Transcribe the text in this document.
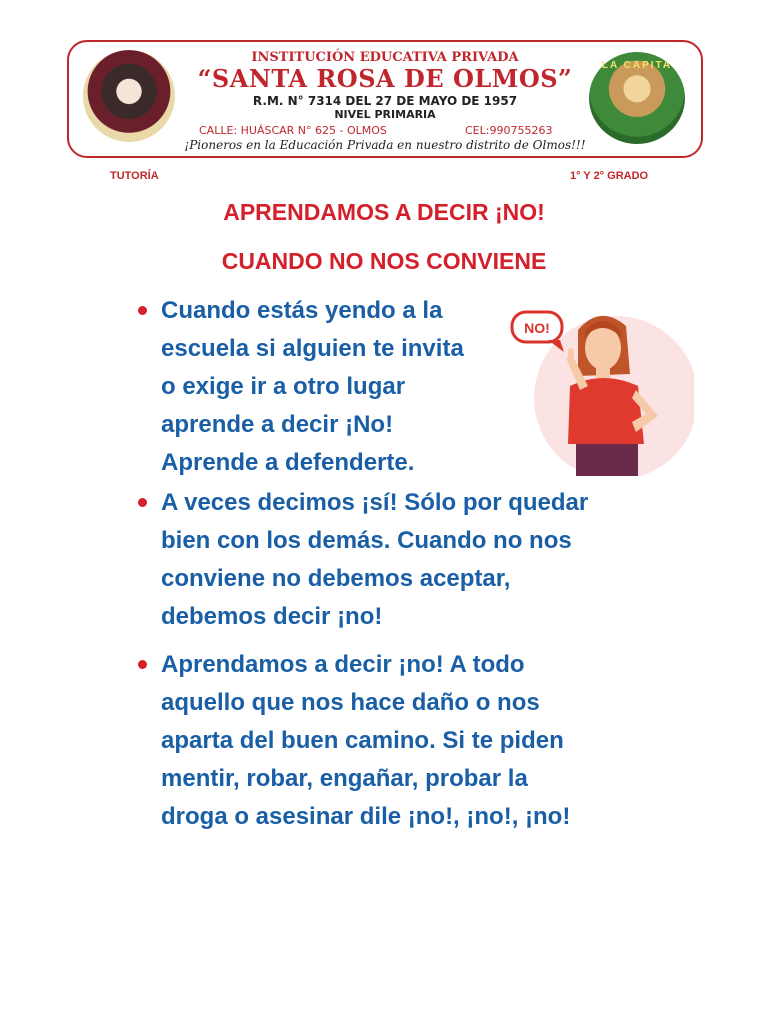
INSTITUCIÓN EDUCATIVA PRIVADA
“SANTA ROSA DE OLMOS”
R.M. N° 7314 DEL 27 DE MAYO DE 1957
NIVEL PRIMARIA
CALLE: HUÁSCAR N° 625 - OLMOS	CEL:990755263
¡Pioneros en la Educación Privada en nuestro distrito de Olmos!!!
LA CAPITA
TUTORÍA	1° Y 2° GRADO
APRENDAMOS A DECIR ¡NO!
CUANDO NO NOS CONVIENE
NO!
Cuando estás yendo a la
escuela si alguien te invita
o exige ir a otro lugar
aprende a decir ¡No!
Aprende a defenderte.
A veces decimos ¡sí! Sólo por quedar
bien con los demás. Cuando no nos
conviene no debemos aceptar,
debemos decir ¡no!
Aprendamos a decir ¡no! A todo
aquello que nos hace daño o nos
aparta del buen camino. Si te piden
mentir, robar, engañar, probar la
droga o asesinar dile ¡no!, ¡no!, ¡no!
